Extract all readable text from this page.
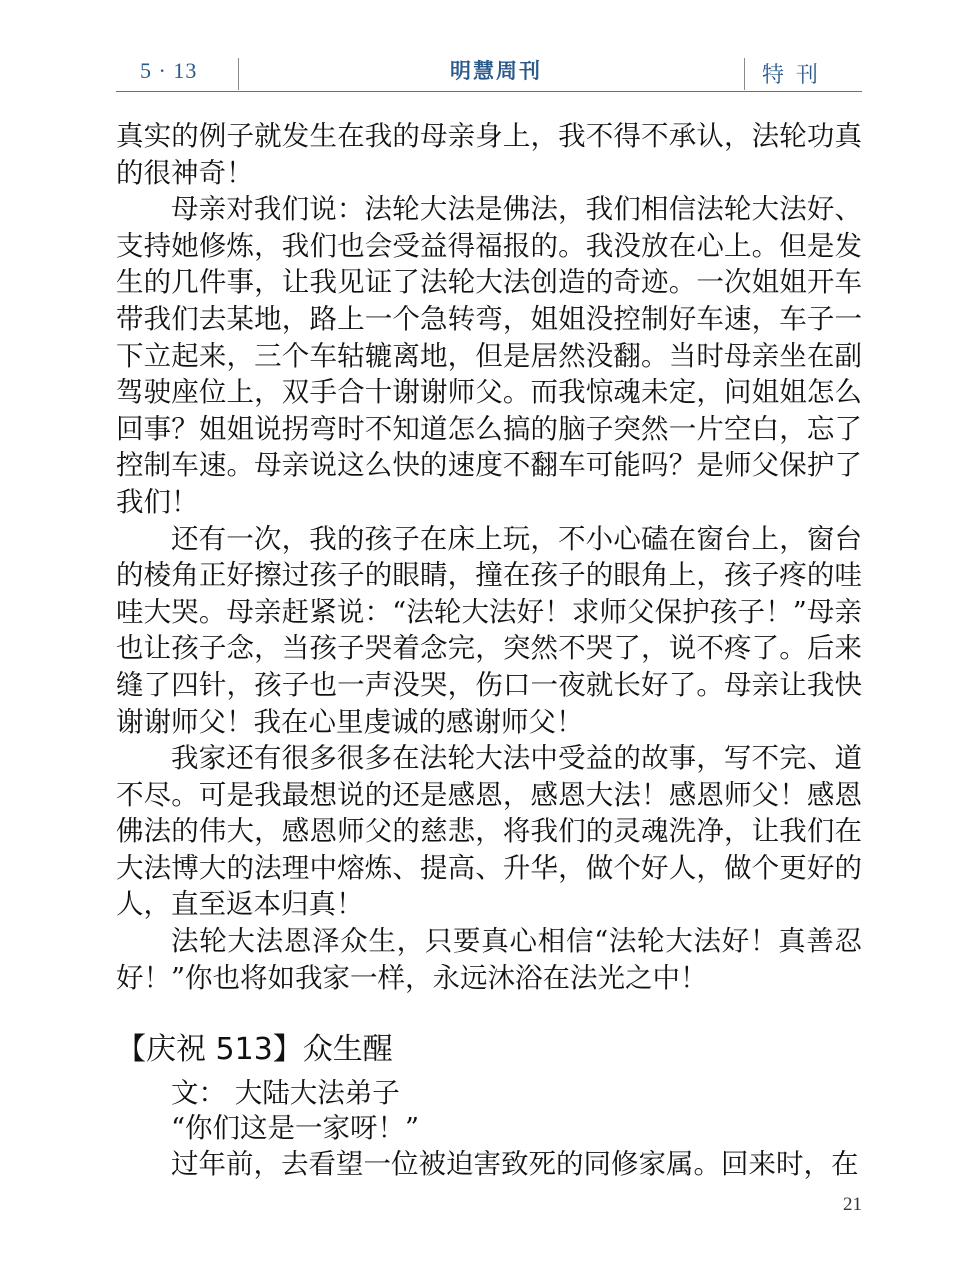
5 · 13	明慧周刊	特刊

真实的例子就发生在我的母亲身上，我不得不承认，法轮功真的很神奇！

母亲对我们说：法轮大法是佛法，我们相信法轮大法好、支持她修炼，我们也会受益得福报的。我没放在心上。但是发生的几件事，让我见证了法轮大法创造的奇迹。一次姐姐开车带我们去某地，路上一个急转弯，姐姐没控制好车速，车子一下立起来，三个车轱辘离地，但是居然没翻。当时母亲坐在副驾驶座位上，双手合十谢谢师父。而我惊魂未定，问姐姐怎么回事？姐姐说拐弯时不知道怎么搞的脑子突然一片空白，忘了控制车速。母亲说这么快的速度不翻车可能吗？是师父保护了我们！

还有一次，我的孩子在床上玩，不小心磕在窗台上，窗台的棱角正好擦过孩子的眼睛，撞在孩子的眼角上，孩子疼的哇哇大哭。母亲赶紧说：“法轮大法好！求师父保护孩子！”母亲也让孩子念，当孩子哭着念完，突然不哭了，说不疼了。后来缝了四针，孩子也一声没哭，伤口一夜就长好了。母亲让我快谢谢师父！我在心里虔诚的感谢师父！

我家还有很多很多在法轮大法中受益的故事，写不完、道不尽。可是我最想说的还是感恩，感恩大法！感恩师父！感恩佛法的伟大，感恩师父的慈悲，将我们的灵魂洗净，让我们在大法博大的法理中熔炼、提高、升华，做个好人，做个更好的人，直至返本归真！

法轮大法恩泽众生，只要真心相信“法轮大法好！真善忍好！”你也将如我家一样，永远沐浴在法光之中！

【庆祝 513】众生醒

文： 大陆大法弟子

“你们这是一家呀！”

过年前，去看望一位被迫害致死的同修家属。回来时，在

21
